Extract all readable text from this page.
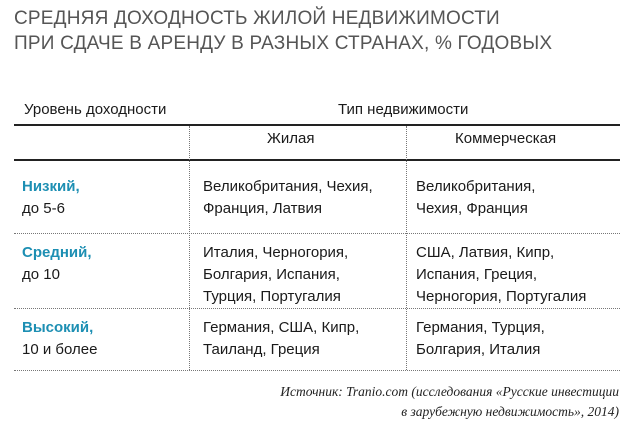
СРЕДНЯЯ ДОХОДНОСТЬ ЖИЛОЙ НЕДВИЖИМОСТИ
ПРИ СДАЧЕ В АРЕНДУ В РАЗНЫХ СТРАНАХ, % ГОДОВЫХ
Уровень доходности	Тип недвижимости
Жилая	Коммерческая
Низкий,
до 5-6
Великобритания, Чехия,
Франция, Латвия
Великобритания,
Чехия, Франция
Средний,
до 10
Италия, Черногория,
Болгария, Испания,
Турция, Португалия
США, Латвия, Кипр,
Испания, Греция,
Черногория, Португалия
Высокий,
10 и более
Германия, США, Кипр,
Таиланд, Греция
Германия, Турция,
Болгария, Италия
Источник: Tranio.com (исследования «Русские инвестиции
в зарубежную недвижимость», 2014)
